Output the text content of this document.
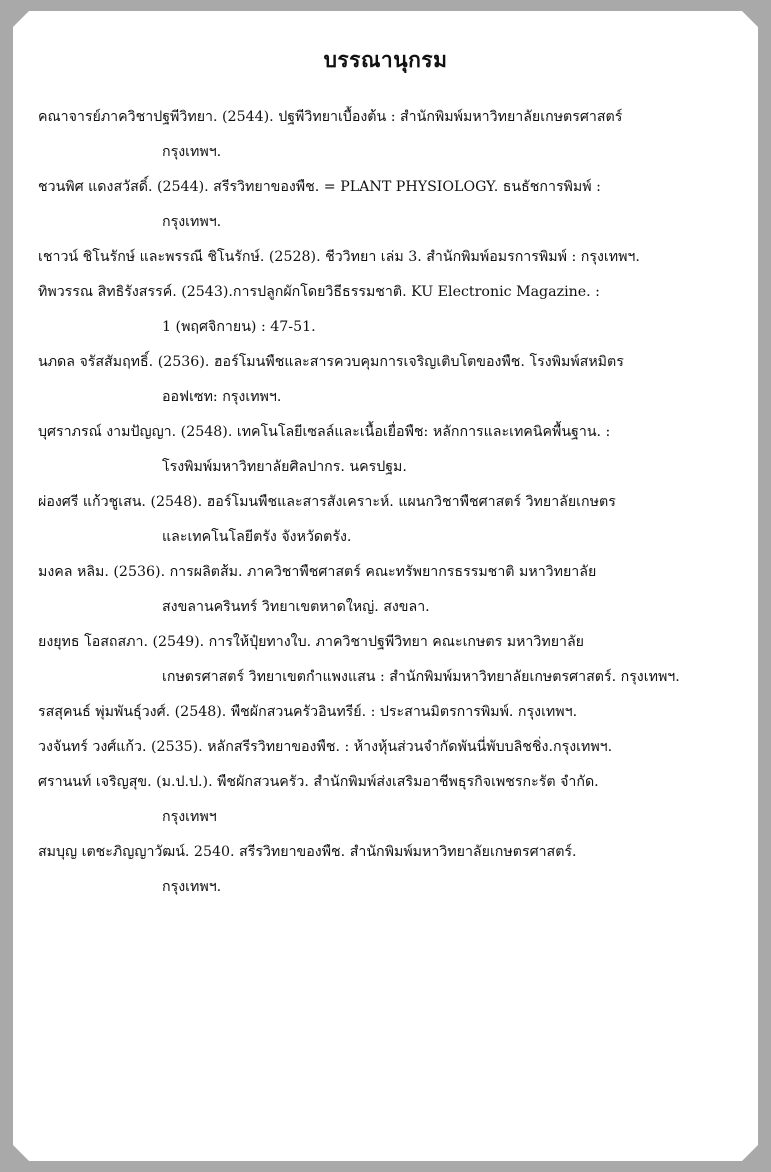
บรรณานุกรม
คณาจารย์ภาควิชาปฐพีวิทยา. (2544). ปฐพีวิทยาเบื้องต้น : สำนักพิมพ์มหาวิทยาลัยเกษตรศาสตร์
กรุงเทพฯ.
ชวนพิศ แดงสวัสดิ์. (2544). สรีรวิทยาของพืช. = PLANT PHYSIOLOGY. ธนธัชการพิมพ์ :
กรุงเทพฯ.
เชาวน์ ชิโนรักษ์ และพรรณี ชิโนรักษ์. (2528). ชีววิทยา เล่ม 3. สำนักพิมพ์อมรการพิมพ์ : กรุงเทพฯ.
ทิพวรรณ สิทธิรังสรรค์. (2543).การปลูกผักโดยวิธีธรรมชาติ. KU Electronic Magazine. :
1 (พฤศจิกายน) : 47-51.
นภดล จรัสสัมฤทธิ์. (2536). ฮอร์โมนพืชและสารควบคุมการเจริญเติบโตของพืช. โรงพิมพ์สหมิตร
ออฟเซท: กรุงเทพฯ.
บุศราภรณ์ งามปัญญา. (2548). เทคโนโลยีเซลล์และเนื้อเยื่อพืช: หลักการและเทคนิคพื้นฐาน. :
โรงพิมพ์มหาวิทยาลัยศิลปากร. นครปฐม.
ผ่องศรี แก้วชูเสน. (2548). ฮอร์โมนพืชและสารสังเคราะห์. แผนกวิชาพืชศาสตร์ วิทยาลัยเกษตร
และเทคโนโลยีตรัง จังหวัดตรัง.
มงคล หลิม. (2536). การผลิตส้ม. ภาควิชาพืชศาสตร์ คณะทรัพยากรธรรมชาติ มหาวิทยาลัย
สงขลานครินทร์ วิทยาเขตหาดใหญ่. สงขลา.
ยงยุทธ โอสถสภา. (2549). การให้ปุ๋ยทางใบ. ภาควิชาปฐพีวิทยา คณะเกษตร มหาวิทยาลัย
เกษตรศาสตร์ วิทยาเขตกำแพงแสน : สำนักพิมพ์มหาวิทยาลัยเกษตรศาสตร์. กรุงเทพฯ.
รสสุคนธ์ พุ่มพันธุ์วงศ์. (2548). พืชผักสวนครัวอินทรีย์. : ประสานมิตรการพิมพ์. กรุงเทพฯ.
วงจันทร์ วงศ์แก้ว. (2535). หลักสรีรวิทยาของพืช. : ห้างหุ้นส่วนจำกัดพันนี่พับบลิชชิ่ง.กรุงเทพฯ.
ศรานนท์ เจริญสุข. (ม.ป.ป.). พืชผักสวนครัว. สำนักพิมพ์ส่งเสริมอาชีพธุรกิจเพชรกะรัต จำกัด.
กรุงเทพฯ
สมบุญ เตชะภิญญาวัฒน์. 2540. สรีรวิทยาของพืช. สำนักพิมพ์มหาวิทยาลัยเกษตรศาสตร์.
กรุงเทพฯ.
